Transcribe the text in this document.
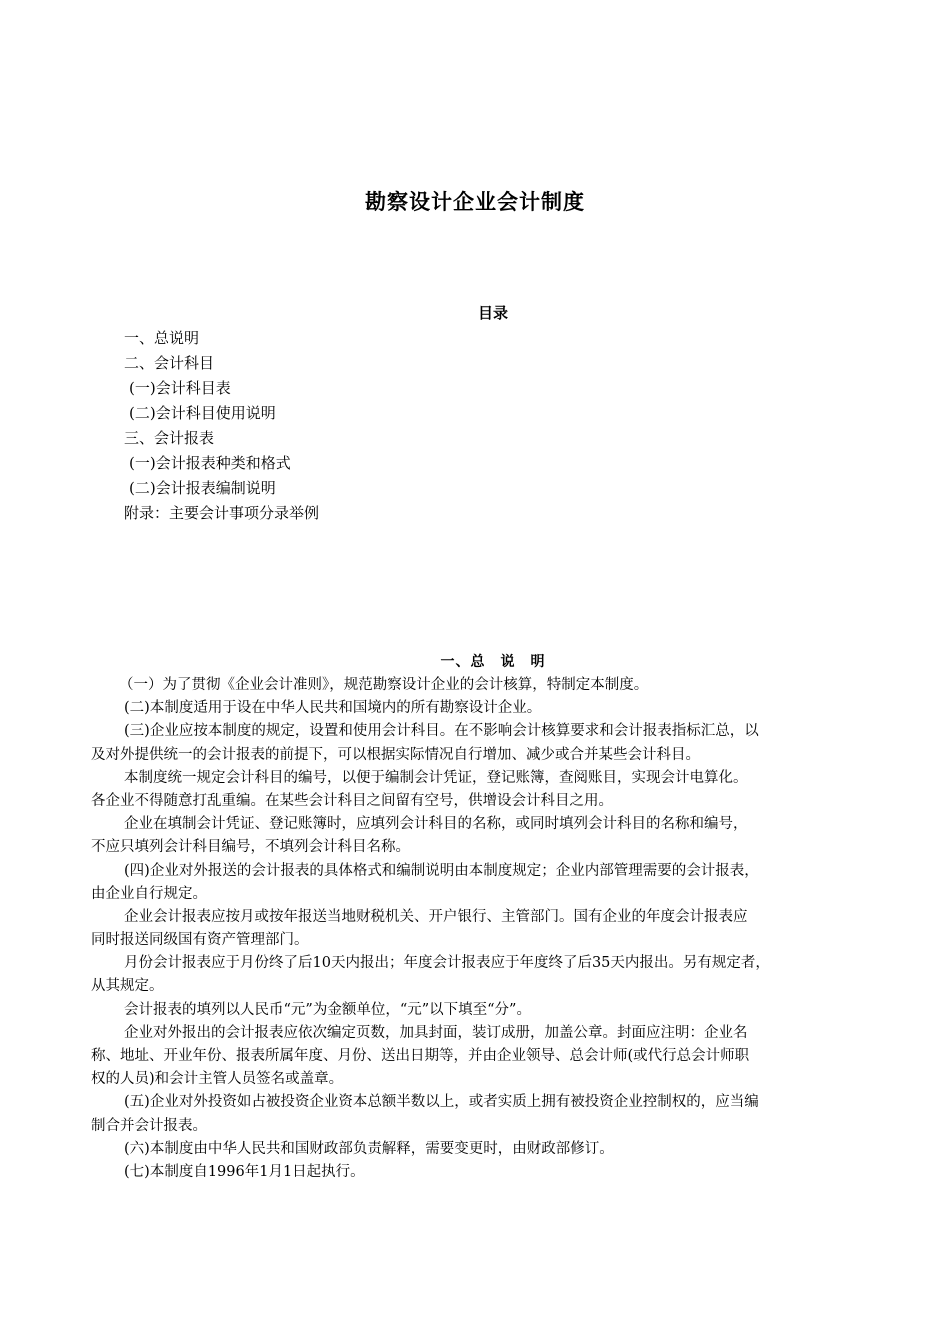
勘察设计企业会计制度
目录
一、总说明
二、会计科目
(一)会计科目表
(二)会计科目使用说明
三、会计报表
(一)会计报表种类和格式
(二)会计报表编制说明
附录：主要会计事项分录举例
一、总　说　明
（一）为了贯彻《企业会计准则》，规范勘察设计企业的会计核算，特制定本制度。
(二)本制度适用于设在中华人民共和国境内的所有勘察设计企业。
(三)企业应按本制度的规定，设置和使用会计科目。在不影响会计核算要求和会计报表指标汇总，以
及对外提供统一的会计报表的前提下，可以根据实际情况自行增加、减少或合并某些会计科目。
本制度统一规定会计科目的编号，以便于编制会计凭证，登记账簿，查阅账目，实现会计电算化。
各企业不得随意打乱重编。在某些会计科目之间留有空号，供增设会计科目之用。
企业在填制会计凭证、登记账簿时，应填列会计科目的名称，或同时填列会计科目的名称和编号，
不应只填列会计科目编号，不填列会计科目名称。
(四)企业对外报送的会计报表的具体格式和编制说明由本制度规定；企业内部管理需要的会计报表，
由企业自行规定。
企业会计报表应按月或按年报送当地财税机关、开户银行、主管部门。国有企业的年度会计报表应
同时报送同级国有资产管理部门。
月份会计报表应于月份终了后10天内报出；年度会计报表应于年度终了后35天内报出。另有规定者，
从其规定。
会计报表的填列以人民币“元”为金额单位，“元”以下填至“分”。
企业对外报出的会计报表应依次编定页数，加具封面，装订成册，加盖公章。封面应注明：企业名
称、地址、开业年份、报表所属年度、月份、送出日期等，并由企业领导、总会计师(或代行总会计师职
权的人员)和会计主管人员签名或盖章。
(五)企业对外投资如占被投资企业资本总额半数以上，或者实质上拥有被投资企业控制权的，应当编
制合并会计报表。
(六)本制度由中华人民共和国财政部负责解释，需要变更时，由财政部修订。
(七)本制度自1996年1月1日起执行。
